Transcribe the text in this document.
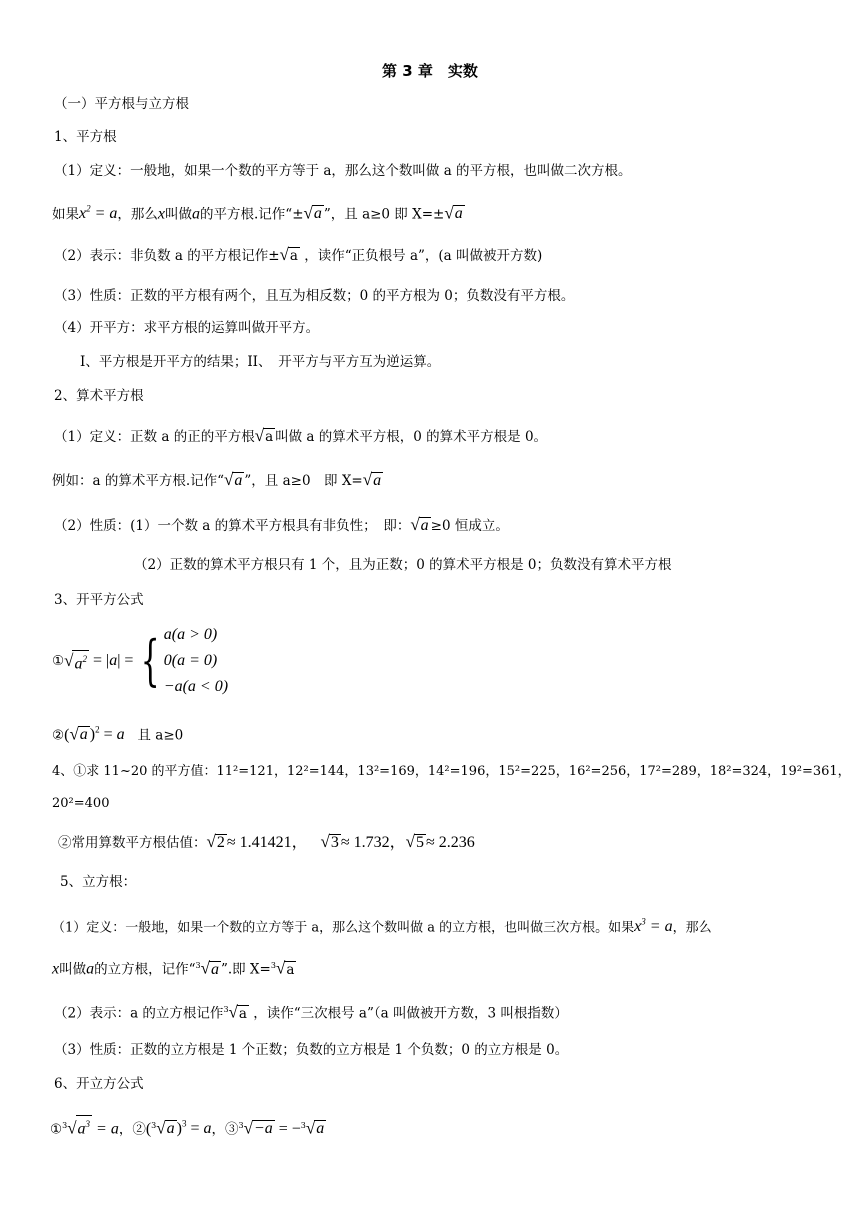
第 3 章　实数
（一）平方根与立方根
1、平方根
（1）定义：一般地，如果一个数的平方等于 a，那么这个数叫做 a 的平方根，也叫做二次方根。
如果$x^2 = a$，那么x叫做a的平方根.记作“±√a ”，且 a≥0 即 X=±√a
（2）表示：非负数 a 的平方根记作±√a ，读作“正负根号 a”，(a 叫做被开方数)
（3）性质：正数的平方根有两个，且互为相反数；0 的平方根为 0；负数没有平方根。
（4）开平方：求平方根的运算叫做开平方。
I、平方根是开平方的结果；II、　开平方与平方互为逆运算。
2、算术平方根
（1）定义：正数 a 的正的平方根√a 叫做 a 的算术平方根，0 的算术平方根是 0。
例如：a 的算术平方根.记作“√a ”，且 a≥0　即 X=√a
（2）性质：(1）一个数 a 的算术平方根具有非负性；　即：√a ≥0 恒成立。
（2）正数的算术平方根只有 1 个，且为正数；0 的算术平方根是 0；负数没有算术平方根
3、开平方公式
$①√a^2 = |a|$ = { a(a > 0)
0(a = 0)
−a(a < 0)
②(√a )$^2$ = a 且 a≥0
4、①求 11~20 的平方值：11²=121，12²=144，13²=169，14²=196，15²=225，16²=256，17²=289，18²=324，19²=361，
20²=400
②常用算数平方根估值：√2 ≈ 1.41421， √3 ≈ 1.732，√5 ≈ 2.236
5、立方根：
（1）定义：一般地，如果一个数的立方等于 a，那么这个数叫做 a 的立方根，也叫做三次方根。如果$x^3 = a$，那么
x叫做a的立方根，记作“$^3$√a ”.即 X=$^3$√a
（2）表示：a 的立方根记作$^3$√a ，读作“三次根号 a”（a 叫做被开方数，3 叫根指数）
（3）性质：正数的立方根是 1 个正数；负数的立方根是 1 个负数；0 的立方根是 0。
6、开立方公式
$①^3√a^3 = a$，②($^3$√a )$^3$ = a，③$^3$√−a = −$^3$√a
